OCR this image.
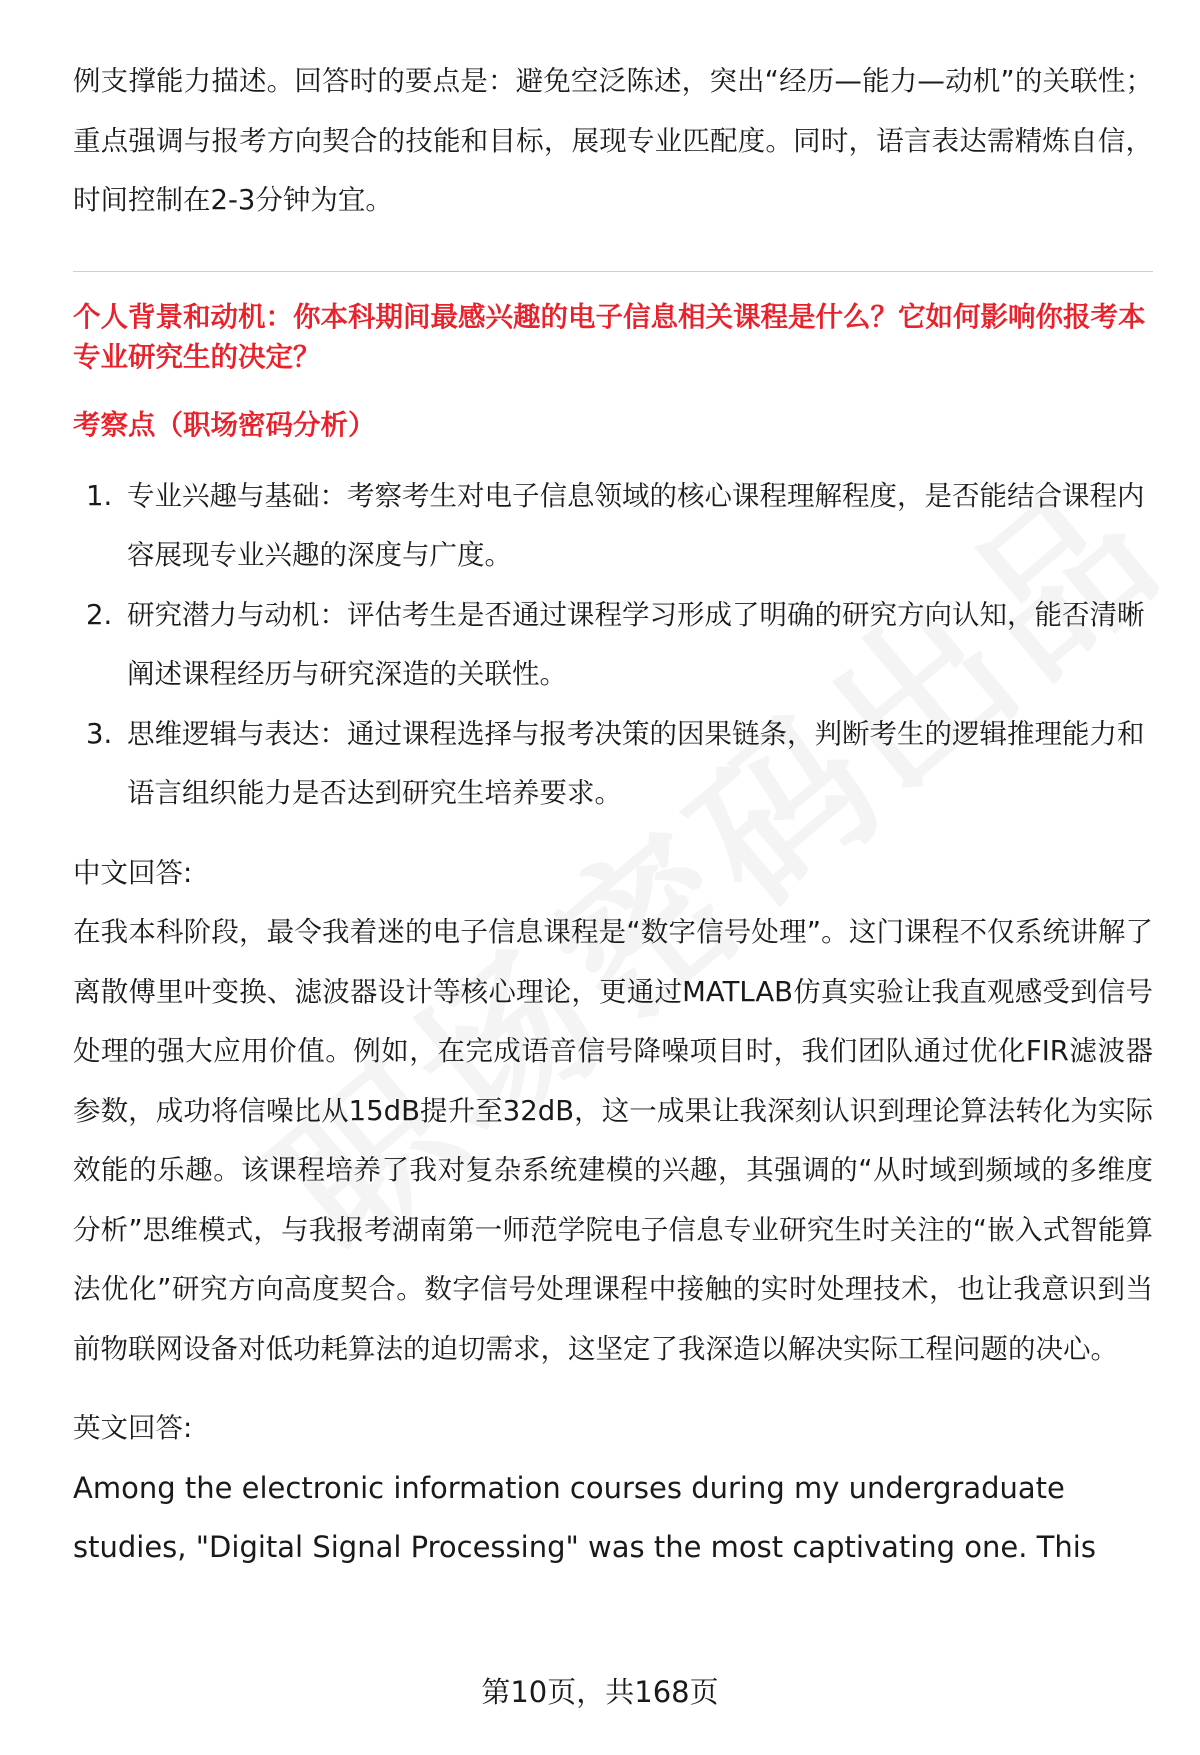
例支撑能力描述。回答时的要点是：避免空泛陈述，突出“经历—能力—动机”的关联性；重点强调与报考方向契合的技能和目标，展现专业匹配度。同时，语言表达需精炼自信，时间控制在2-3分钟为宜。

个人背景和动机：你本科期间最感兴趣的电子信息相关课程是什么？它如何影响你报考本专业研究生的决定？
考察点（职场密码分析）
1. 专业兴趣与基础：考察考生对电子信息领域的核心课程理解程度，是否能结合课程内容展现专业兴趣的深度与广度。
2. 研究潜力与动机：评估考生是否通过课程学习形成了明确的研究方向认知，能否清晰阐述课程经历与研究深造的关联性。
3. 思维逻辑与表达：通过课程选择与报考决策的因果链条，判断考生的逻辑推理能力和语言组织能力是否达到研究生培养要求。
中文回答:

在我本科阶段，最令我着迷的电子信息课程是“数字信号处理”。这门课程不仅系统讲解了离散傅里叶变换、滤波器设计等核心理论，更通过MATLAB仿真实验让我直观感受到信号处理的强大应用价值。例如，在完成语音信号降噪项目时，我们团队通过优化FIR滤波器参数，成功将信噪比从15dB提升至32dB，这一成果让我深刻认识到理论算法转化为实际效能的乐趣。该课程培养了我对复杂系统建模的兴趣，其强调的“从时域到频域的多维度分析”思维模式，与我报考湖南第一师范学院电子信息专业研究生时关注的“嵌入式智能算法优化”研究方向高度契合。数字信号处理课程中接触的实时处理技术，也让我意识到当前物联网设备对低功耗算法的迫切需求，这坚定了我深造以解决实际工程问题的决心。

英文回答:

Among the electronic information courses during my undergraduate studies, "Digital Signal Processing" was the most captivating one. This

第10页，共168页
